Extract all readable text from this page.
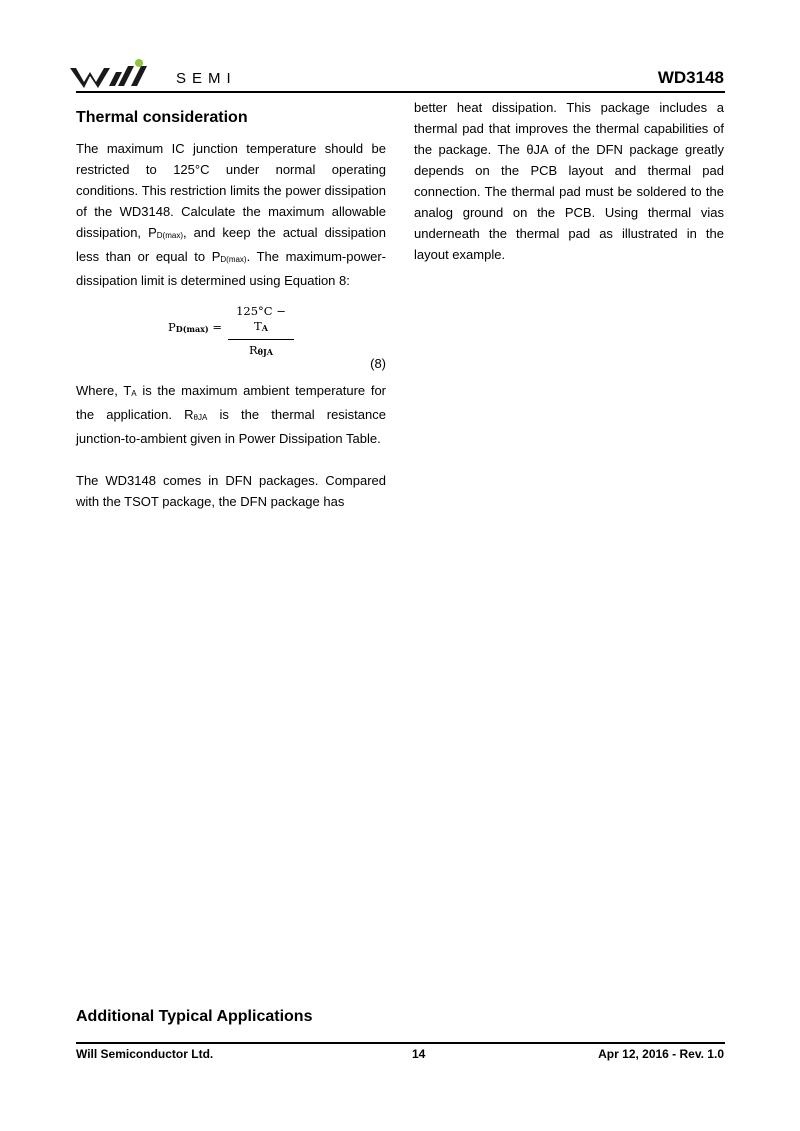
SEMI	WD3148
Thermal consideration

The maximum IC junction temperature should be restricted to 125°C under normal operating conditions. This restriction limits the power dissipation of the WD3148. Calculate the maximum allowable dissipation, $P_{D(max)}$, and keep the actual dissipation less than or equal to $P_{D(max)}$. The maximum-power-dissipation limit is determined using Equation 8:

$P_{D(max)}$ =
$125^\circ C - T_A$
$R_{\theta JA}$
(8)

Where, $T_A$ is the maximum ambient temperature for the application. $R_{\theta JA}$ is the thermal resistance junction-to-ambient given in Power Dissipation Table.

The WD3148 comes in DFN packages. Compared with the TSOT package, the DFN package has

better heat dissipation. This package includes a thermal pad that improves the thermal capabilities of the package. The θJA of the DFN package greatly depends on the PCB layout and thermal pad connection. The thermal pad must be soldered to the analog ground on the PCB. Using thermal vias underneath the thermal pad as illustrated in the layout example.

Additional Typical Applications
Will Semiconductor Ltd.	14	Apr 12, 2016 - Rev. 1.0
